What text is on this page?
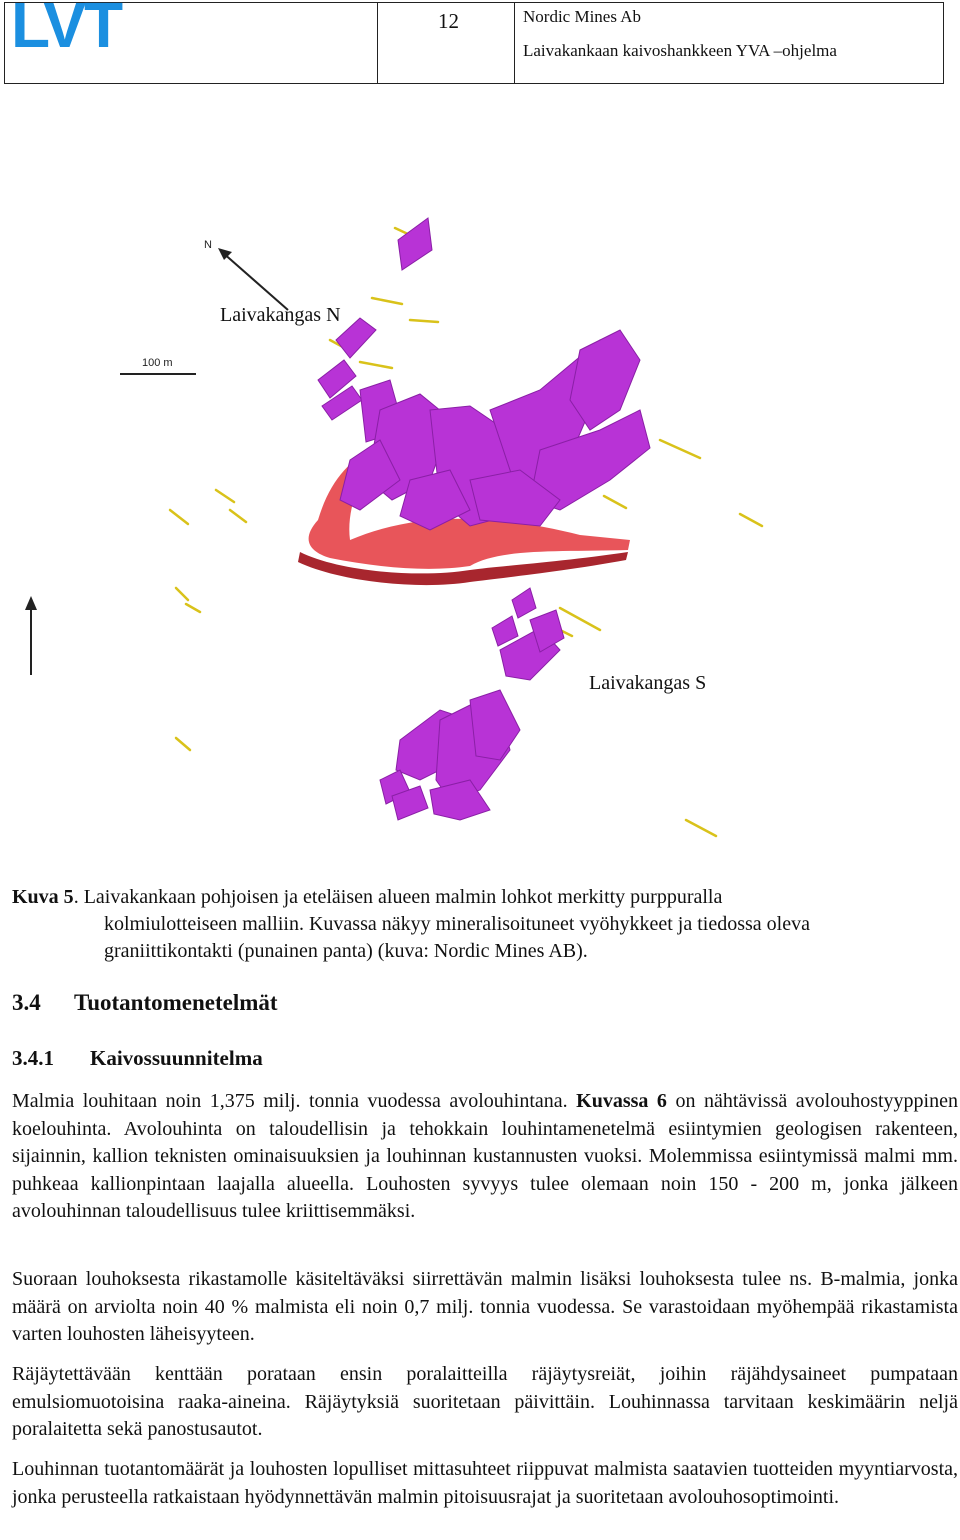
LVT	12	Nordic Mines Ab
Laivakankaan kaivoshankkeen YVA –ohjelma
N
100 m
Laivakangas N
Laivakangas S
Kuva 5. Laivakankaan pohjoisen ja eteläisen alueen malmin lohkot merkitty purppuralla
kolmiulotteiseen malliin. Kuvassa näkyy mineralisoituneet vyöhykkeet ja tiedossa oleva graniittikontakti (punainen panta) (kuva: Nordic Mines AB).
3.4 Tuotantomenetelmät
3.4.1 Kaivossuunnitelma

Malmia louhitaan noin 1,375 milj. tonnia vuodessa avolouhintana. Kuvassa 6 on nähtävissä avolouhostyyppinen koelouhinta. Avolouhinta on taloudellisin ja tehokkain louhintamenetelmä esiintymien geologisen rakenteen, sijainnin, kallion teknisten ominaisuuksien ja louhinnan kustannusten vuoksi. Molemmissa esiintymissä malmi mm. puhkeaa kallionpintaan laajalla alueella. Louhosten syvyys tulee olemaan noin 150 - 200 m, jonka jälkeen avolouhinnan taloudellisuus tulee kriittisemmäksi.

Suoraan louhoksesta rikastamolle käsiteltäväksi siirrettävän malmin lisäksi louhoksesta tulee ns. B-malmia, jonka määrä on arviolta noin 40 % malmista eli noin 0,7 milj. tonnia vuodessa. Se varastoidaan myöhempää rikastamista varten louhosten läheisyyteen.

Räjäytettävään kenttään porataan ensin poralaitteilla räjäytysreiät, joihin räjähdysaineet pumpataan emulsiomuotoisina raaka-aineina. Räjäytyksiä suoritetaan päivittäin. Louhinnassa tarvitaan keskimäärin neljä poralaitetta sekä panostusautot.

Louhinnan tuotantomäärät ja louhosten lopulliset mittasuhteet riippuvat malmista saatavien tuotteiden myyntiarvosta, jonka perusteella ratkaistaan hyödynnettävän malmin pitoisuusrajat ja suoritetaan avolouhosoptimointi.
